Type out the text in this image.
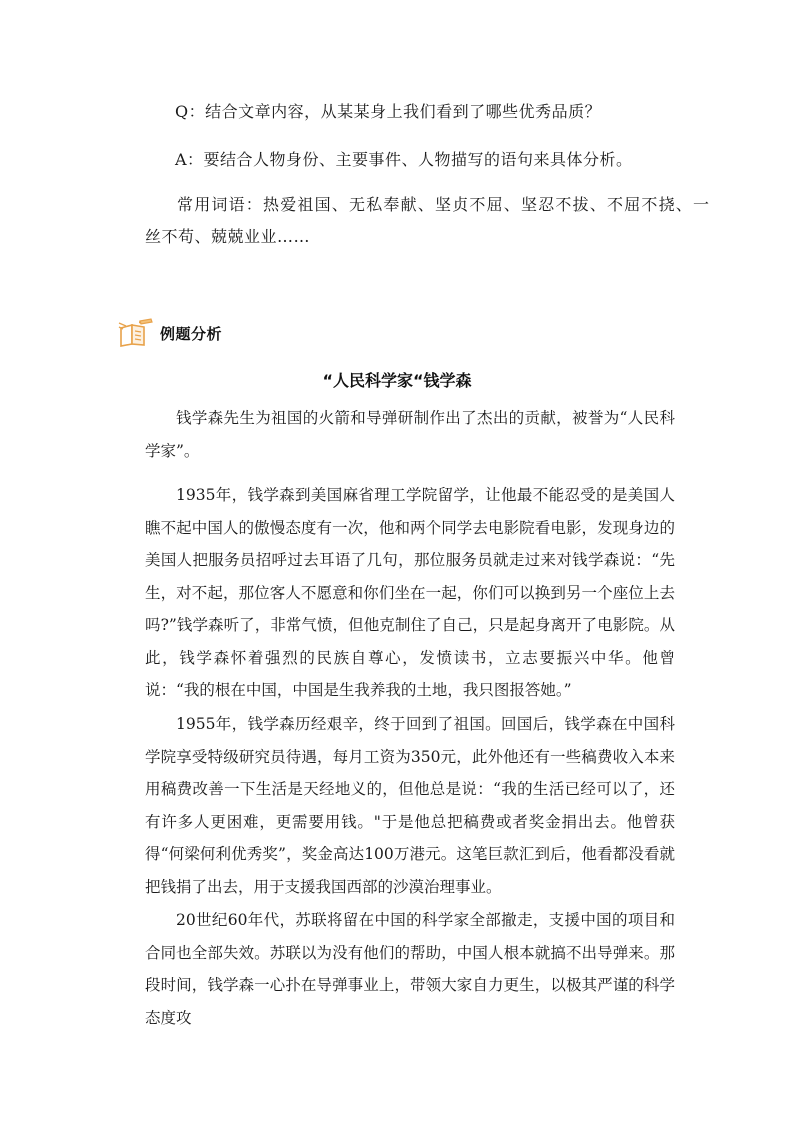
Q：结合文章内容，从某某身上我们看到了哪些优秀品质？
A：要结合人物身份、主要事件、人物描写的语句来具体分析。
常用词语：热爱祖国、无私奉献、坚贞不屈、坚忍不拔、不屈不挠、一
丝不苟、兢兢业业……
例题分析
“人民科学家“钱学森

钱学森先生为祖国的火箭和导弹研制作出了杰出的贡献，被誉为“人民科学家”。

1935年，钱学森到美国麻省理工学院留学，让他最不能忍受的是美国人瞧不起中国人的傲慢态度有一次，他和两个同学去电影院看电影，发现身边的美国人把服务员招呼过去耳语了几句，那位服务员就走过来对钱学森说：“先生，对不起，那位客人不愿意和你们坐在一起，你们可以换到另一个座位上去吗?”钱学森听了，非常气愤，但他克制住了自己，只是起身离开了电影院。从此，钱学森怀着强烈的民族自尊心，发愤读书，立志要振兴中华。他曾说：“我的根在中国，中国是生我养我的土地，我只图报答她。”

1955年，钱学森历经艰辛，终于回到了祖国。回国后，钱学森在中国科学院享受特级研究员待遇，每月工资为350元，此外他还有一些稿费收入本来用稿费改善一下生活是天经地义的，但他总是说：“我的生活已经可以了，还有许多人更困难，更需要用钱。"于是他总把稿费或者奖金捐出去。他曾获得“何梁何利优秀奖”，奖金高达100万港元。这笔巨款汇到后，他看都没看就把钱捐了出去，用于支援我国西部的沙漠治理事业。

20世纪60年代，苏联将留在中国的科学家全部撤走，支援中国的项目和合同也全部失效。苏联以为没有他们的帮助，中国人根本就搞不出导弹来。那段时间，钱学森一心扑在导弹事业上，带领大家自力更生，以极其严谨的科学态度攻
